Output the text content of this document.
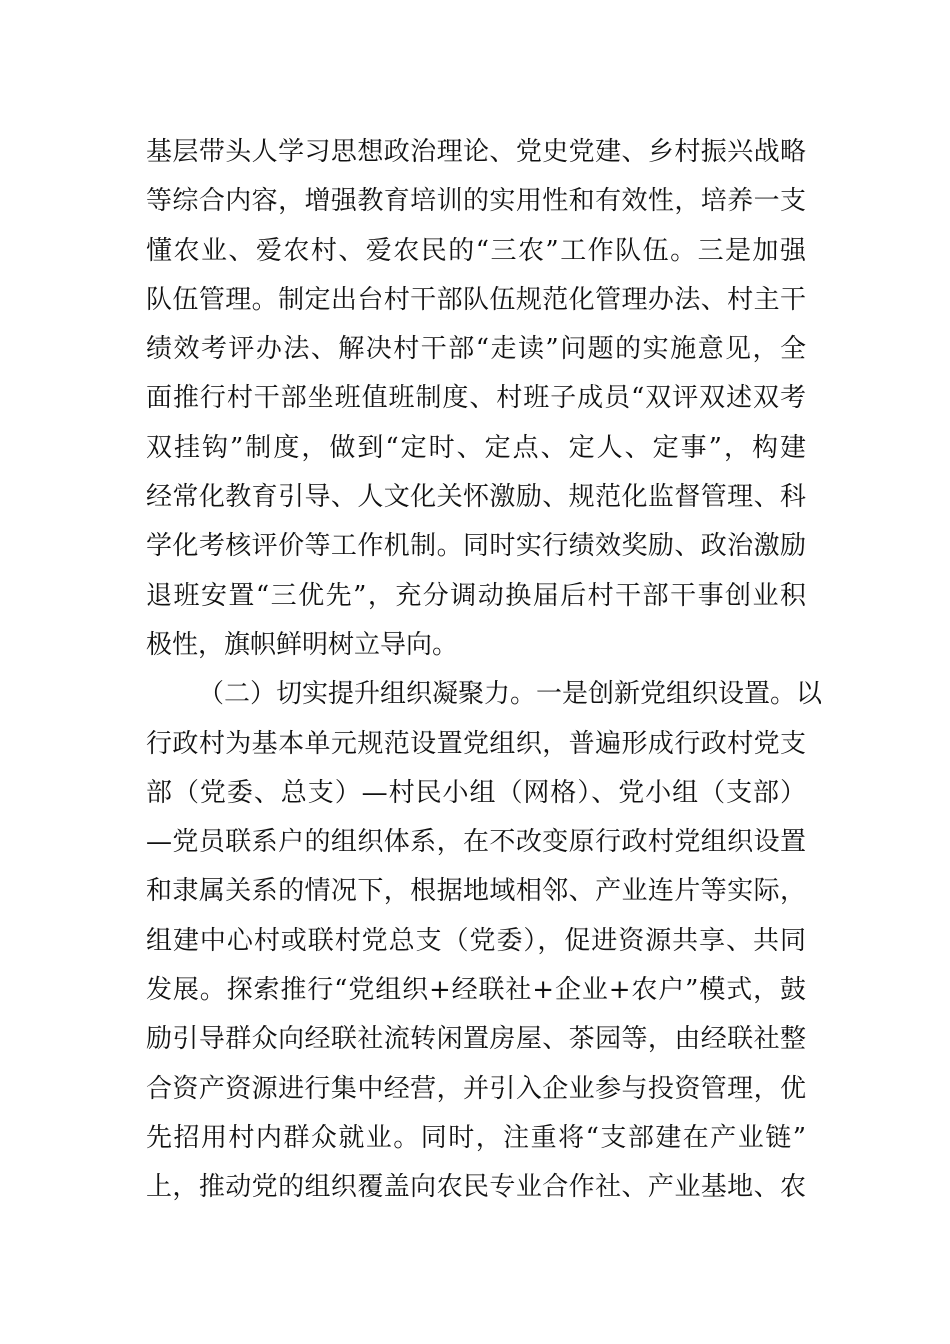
基层带头人学习思想政治理论、党史党建、乡村振兴战略
等综合内容，增强教育培训的实用性和有效性，培养一支
懂农业、爱农村、爱农民的“三农”工作队伍。三是加强
队伍管理。制定出台村干部队伍规范化管理办法、村主干
绩效考评办法、解决村干部“走读”问题的实施意见，全
面推行村干部坐班值班制度、村班子成员“双评双述双考
双挂钩”制度，做到“定时、定点、定人、定事”，构建
经常化教育引导、人文化关怀激励、规范化监督管理、科
学化考核评价等工作机制。同时实行绩效奖励、政治激励
退班安置“三优先”，充分调动换届后村干部干事创业积
极性，旗帜鲜明树立导向。
（二）切实提升组织凝聚力。一是创新党组织设置。以
行政村为基本单元规范设置党组织，普遍形成行政村党支
部（党委、总支）—村民小组（网格）、党小组（支部）
—党员联系户的组织体系，在不改变原行政村党组织设置
和隶属关系的情况下，根据地域相邻、产业连片等实际，
组建中心村或联村党总支（党委），促进资源共享、共同
发展。探索推行“党组织+经联社+企业+农户”模式，鼓
励引导群众向经联社流转闲置房屋、茶园等，由经联社整
合资产资源进行集中经营，并引入企业参与投资管理，优
先招用村内群众就业。同时，注重将“支部建在产业链”
上，推动党的组织覆盖向农民专业合作社、产业基地、农
